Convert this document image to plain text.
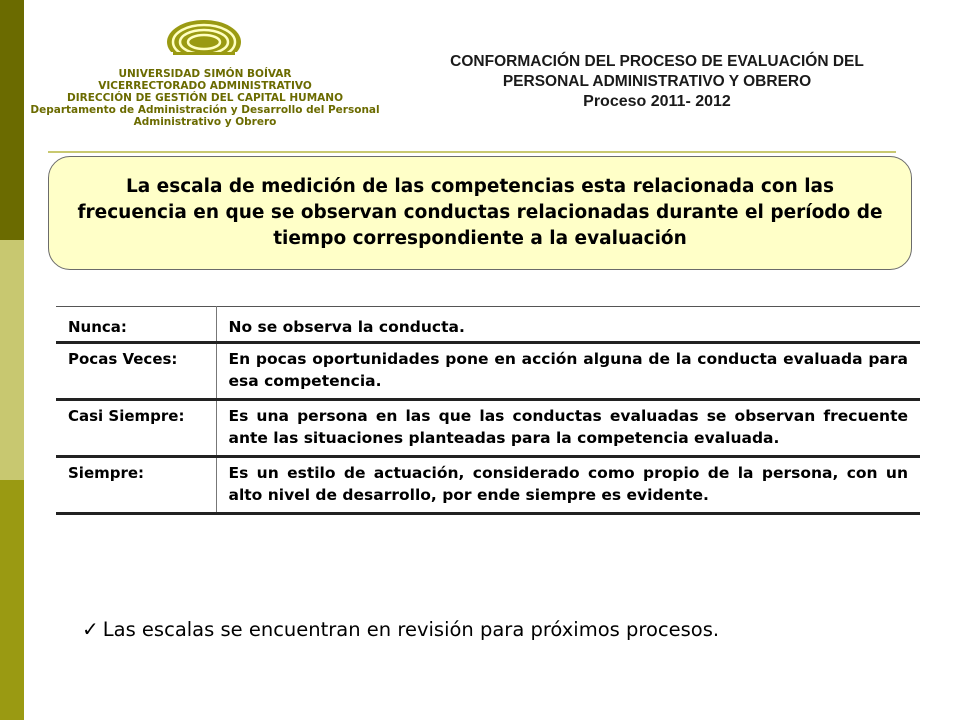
UNIVERSIDAD SIMÓN BOÍVAR
VICERRECTORADO ADMINISTRATIVO
DIRECCIÓN DE GESTIÓN DEL CAPITAL HUMANO
Departamento de Administración y Desarrollo del Personal
Administrativo y Obrero
CONFORMACIÓN DEL PROCESO DE EVALUACIÓN DEL
PERSONAL ADMINISTRATIVO Y OBRERO
Proceso 2011- 2012
La escala de medición de las competencias esta relacionada con las frecuencia en que se observan conductas relacionadas durante el período de tiempo correspondiente a la evaluación
Nunca:	No se observa la conducta.
Pocas Veces:	En pocas oportunidades pone en acción alguna de la conducta evaluada para esa competencia.
Casi Siempre:	Es una persona en las que las conductas evaluadas se observan frecuente ante las situaciones planteadas para la competencia evaluada.
Siempre:	Es un estilo de actuación, considerado como propio de la persona, con un alto nivel de desarrollo, por ende siempre es evidente.
✓ Las escalas se encuentran en revisión para próximos procesos.
